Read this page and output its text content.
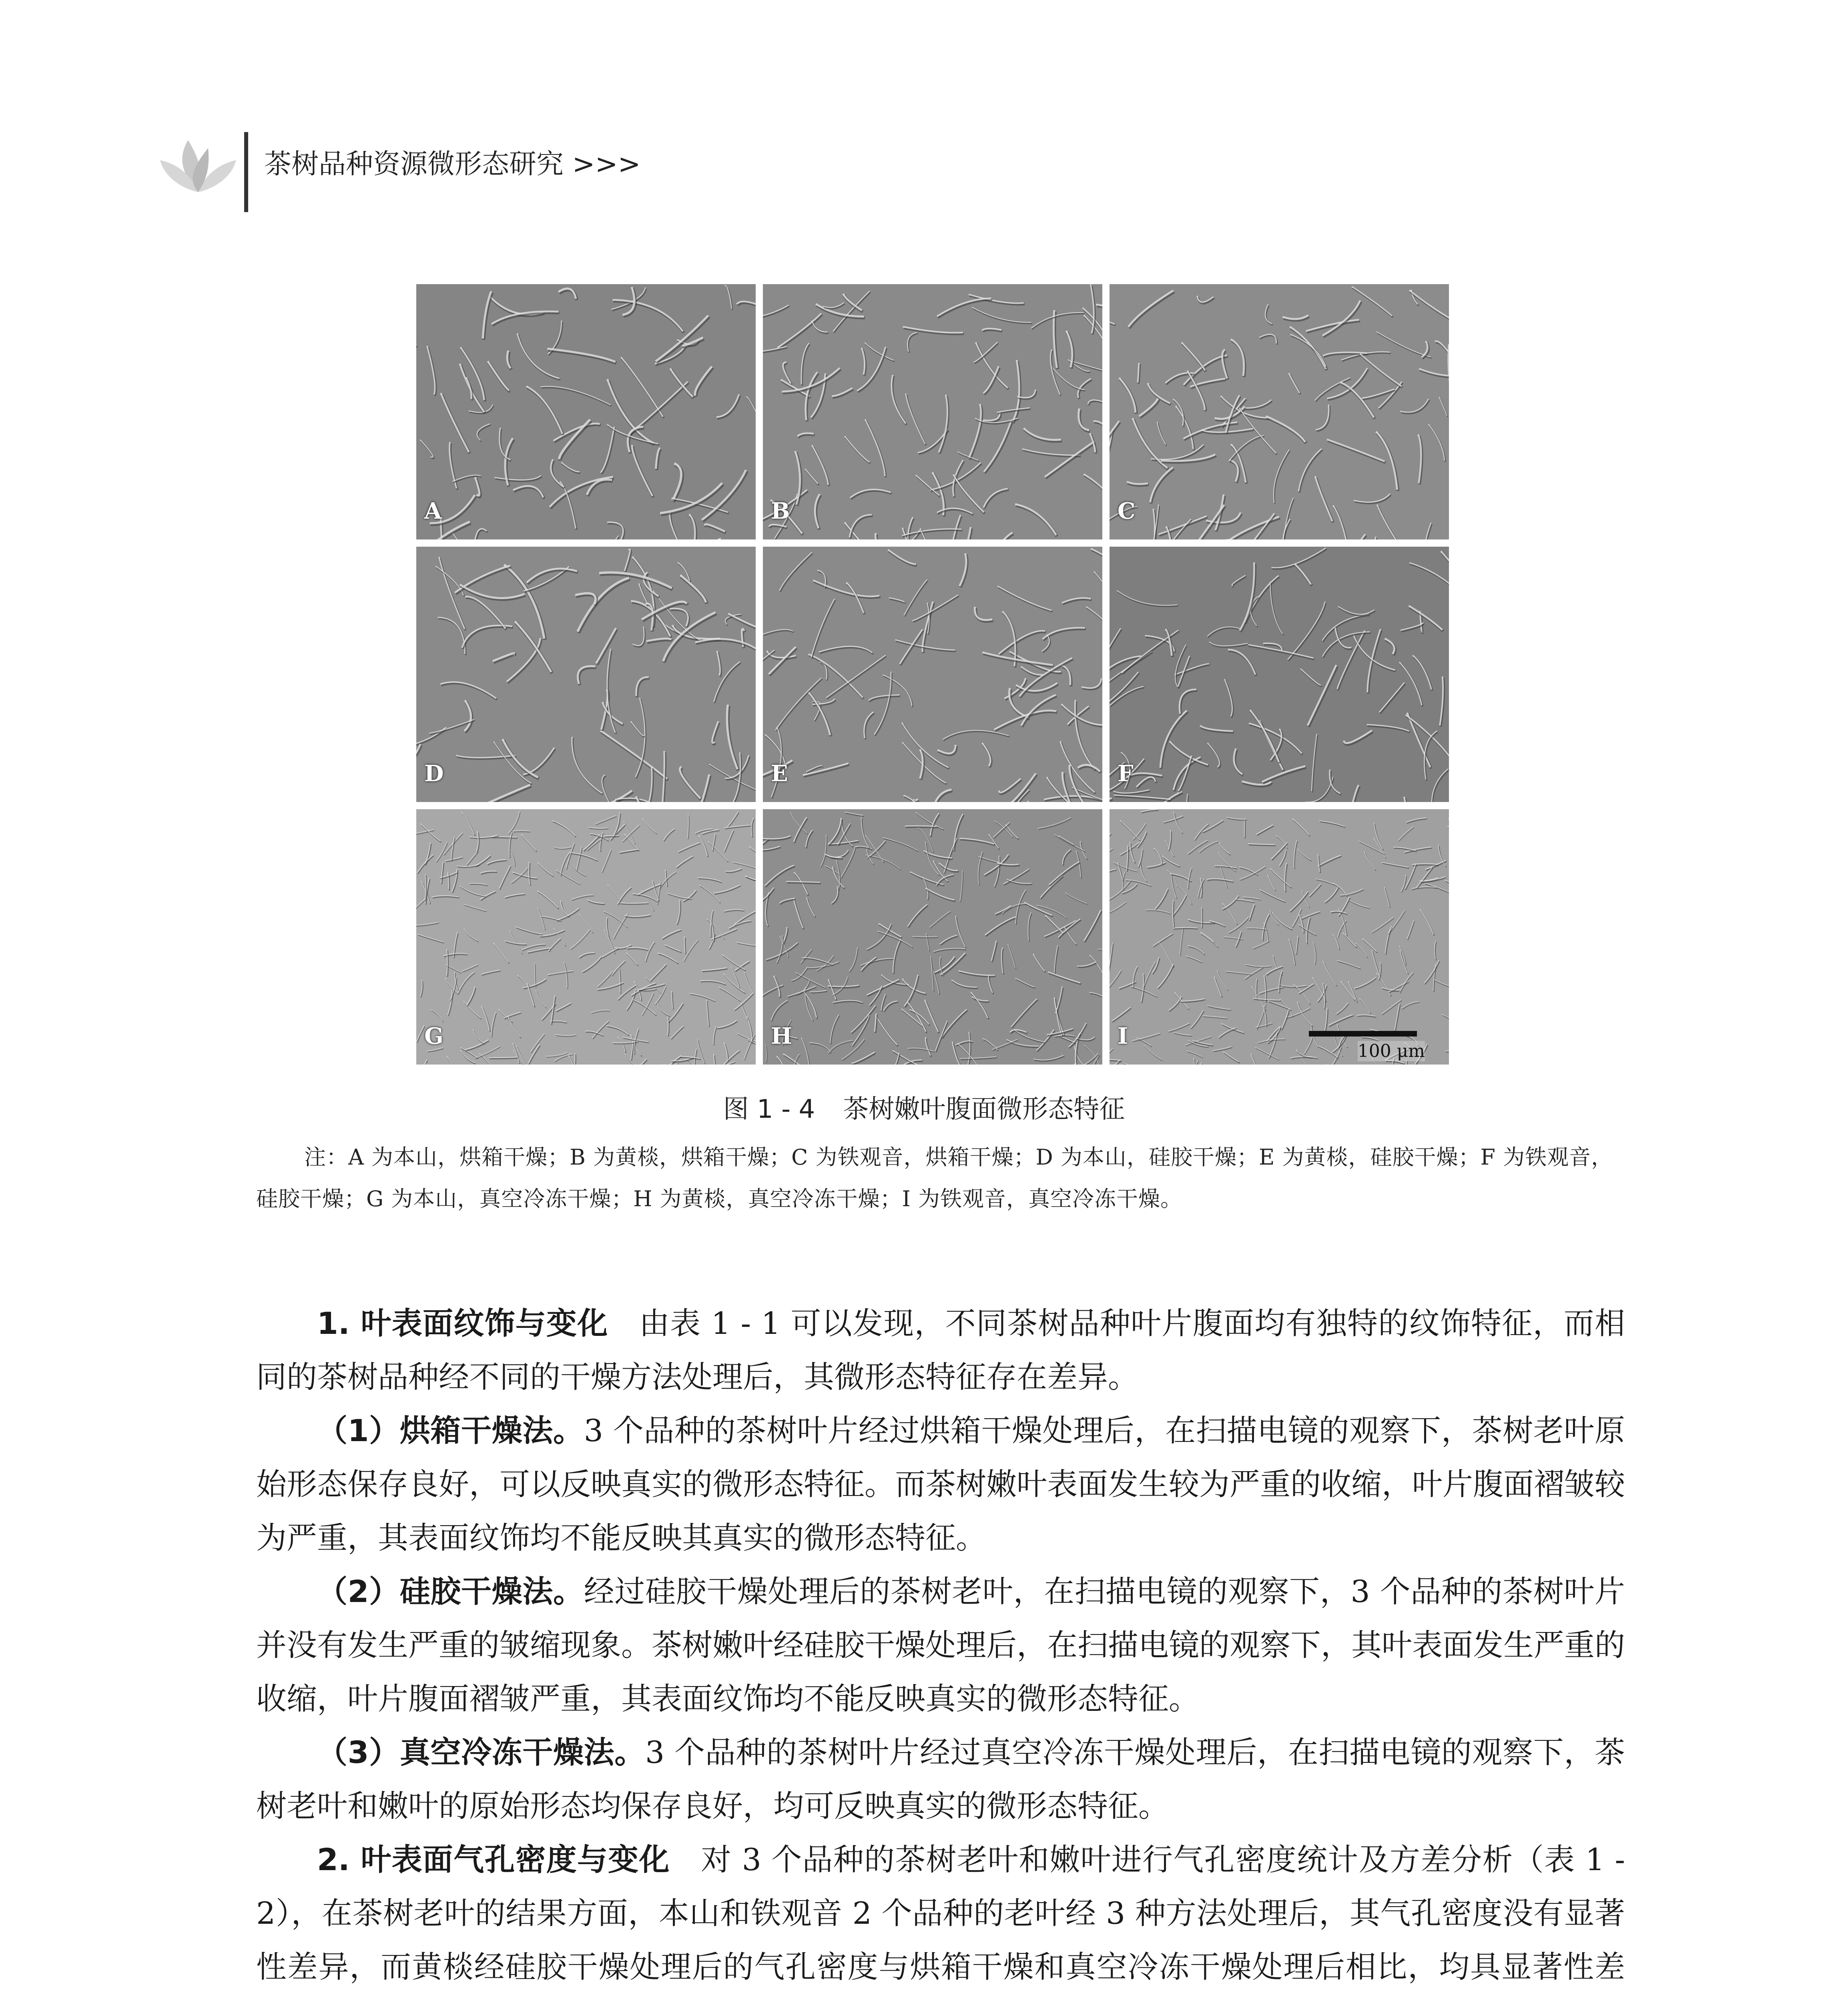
茶树品种资源微形态研究 >>>
A	B	C
D	E	F
G	H	I
100 μm
图 1 - 4 茶树嫩叶腹面微形态特征
注：A 为本山，烘箱干燥；B 为黄棪，烘箱干燥；C 为铁观音，烘箱干燥；D 为本山，硅胶干燥；E 为黄棪，硅胶干燥；F 为铁观音，硅胶干燥；G 为本山，真空冷冻干燥；H 为黄棪，真空冷冻干燥；I 为铁观音，真空冷冻干燥。

1. 叶表面纹饰与变化　 由表 1 - 1 可以发现，不同茶树品种叶片腹面均有独特的纹饰特征，而相同的茶树品种经不同的干燥方法处理后，其微形态特征存在差异。

（1）烘箱干燥法。3 个品种的茶树叶片经过烘箱干燥处理后，在扫描电镜的观察下，茶树老叶原始形态保存良好，可以反映真实的微形态特征。而茶树嫩叶表面发生较为严重的收缩，叶片腹面褶皱较为严重，其表面纹饰均不能反映其真实的微形态特征。

（2）硅胶干燥法。经过硅胶干燥处理后的茶树老叶，在扫描电镜的观察下，3 个品种的茶树叶片并没有发生严重的皱缩现象。茶树嫩叶经硅胶干燥处理后，在扫描电镜的观察下，其叶表面发生严重的收缩，叶片腹面褶皱严重，其表面纹饰均不能反映真实的微形态特征。

（3）真空冷冻干燥法。3 个品种的茶树叶片经过真空冷冻干燥处理后，在扫描电镜的观察下，茶树老叶和嫩叶的原始形态均保存良好，均可反映真实的微形态特征。

2. 叶表面气孔密度与变化　 对 3 个品种的茶树老叶和嫩叶进行气孔密度统计及方差分析（表 1 - 2），在茶树老叶的结果方面，本山和铁观音 2 个品种的老叶经 3 种方法处理后，其气孔密度没有显著性差异，而黄棪经硅胶干燥处理后的气孔密度与烘箱干燥和真空冷冻干燥处理后相比，均具显著性差
